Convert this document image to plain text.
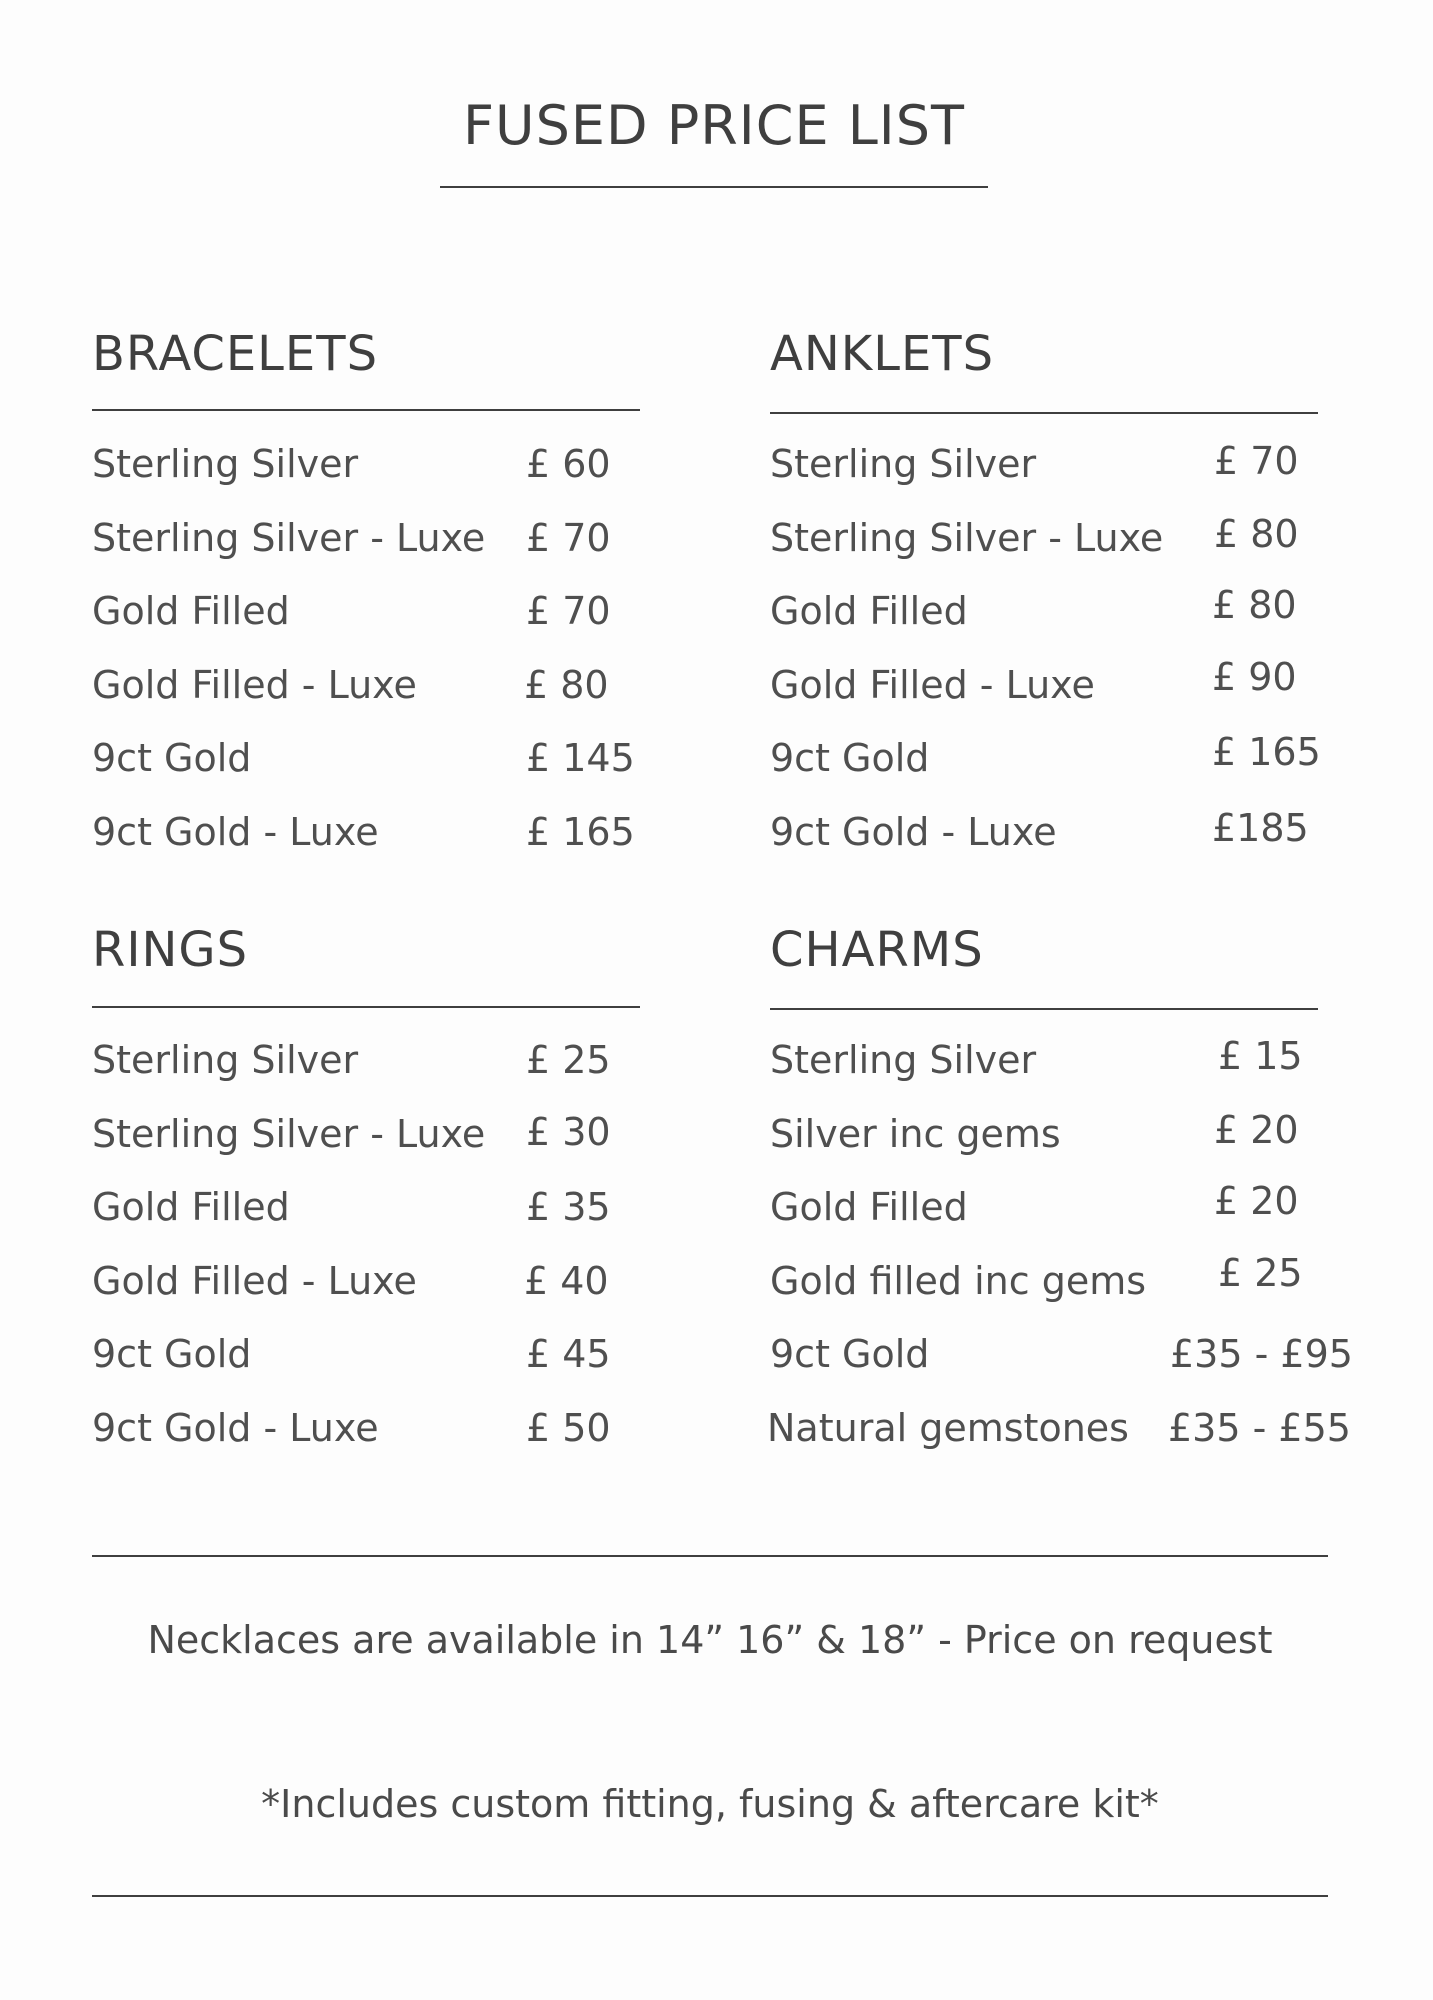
FUSED PRICE LIST
BRACELETS
Sterling Silver	£ 60
Sterling Silver - Luxe £ 70
Gold Filled	£ 70
Gold Filled - Luxe	£ 80
9ct Gold	£ 145
9ct Gold - Luxe	£ 165
ANKLETS
Sterling Silver	£ 70
Sterling Silver - Luxe £ 80
Gold Filled	£ 80
Gold Filled - Luxe	£ 90
9ct Gold	£ 165
9ct Gold - Luxe	£185
RINGS
Sterling Silver	£ 25
Sterling Silver - Luxe £ 30
Gold Filled	£ 35
Gold Filled - Luxe	£ 40
9ct Gold	£ 45
9ct Gold - Luxe	£ 50
CHARMS
Sterling Silver	£ 15
Silver inc gems	£ 20
Gold Filled	£ 20
Gold filled inc gems £ 25
9ct Gold	£35 - £95
Natural gemstones £35 - £55

Necklaces are available in 14” 16” & 18” - Price on request

*Includes custom fitting, fusing & aftercare kit*
